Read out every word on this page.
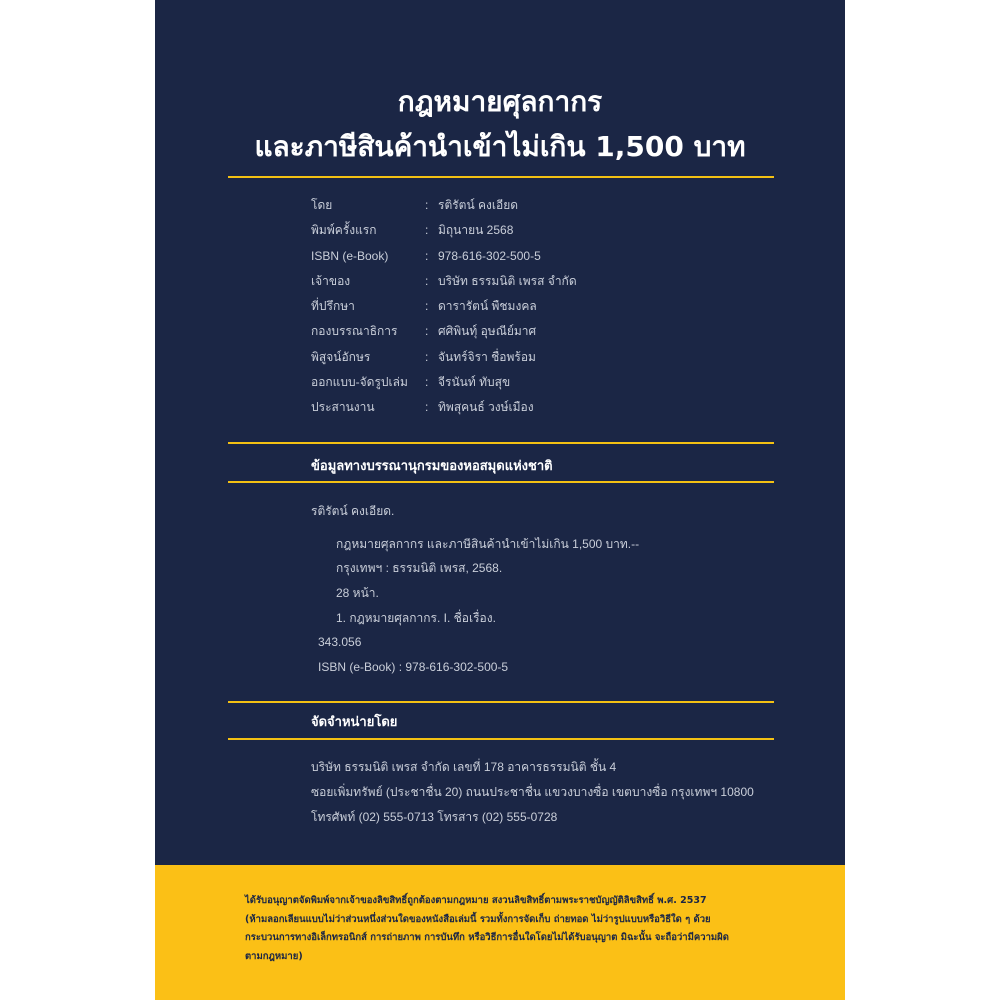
กฎหมายศุลกากร
และภาษีสินค้านำเข้าไม่เกิน 1,500 บาท
โดย	: รติรัตน์ คงเอียด
พิมพ์ครั้งแรก	: มิถุนายน 2568
ISBN (e-Book)	: 978-616-302-500-5
เจ้าของ	: บริษัท ธรรมนิติ เพรส จำกัด
ที่ปรึกษา	: ดารารัตน์ พืชมงคล
กองบรรณาธิการ : ศศิพินทุ์ อุษณีย์มาศ
พิสูจน์อักษร	: จันทร์จิรา ชื่อพร้อม
ออกแบบ-จัดรูปเล่ม : จีรนันท์ ทับสุข
ประสานงาน	: ทิพสุคนธ์ วงษ์เมือง
ข้อมูลทางบรรณานุกรมของหอสมุดแห่งชาติ
รติรัตน์ คงเอียด.
กฎหมายศุลกากร และภาษีสินค้านำเข้าไม่เกิน 1,500 บาท.--
กรุงเทพฯ : ธรรมนิติ เพรส, 2568.
28 หน้า.
1. กฎหมายศุลกากร. I. ชื่อเรื่อง.
343.056
ISBN (e-Book) : 978-616-302-500-5
จัดจำหน่ายโดย
บริษัท ธรรมนิติ เพรส จำกัด เลขที่ 178 อาคารธรรมนิติ ชั้น 4
ซอยเพิ่มทรัพย์ (ประชาชื่น 20) ถนนประชาชื่น แขวงบางซื่อ เขตบางซื่อ กรุงเทพฯ 10800
โทรศัพท์ (02) 555-0713 โทรสาร (02) 555-0728
ได้รับอนุญาตจัดพิมพ์จากเจ้าของลิขสิทธิ์ถูกต้องตามกฎหมาย สงวนลิขสิทธิ์ตามพระราชบัญญัติลิขสิทธิ์ พ.ศ. 2537
(ห้ามลอกเลียนแบบไม่ว่าส่วนหนึ่งส่วนใดของหนังสือเล่มนี้ รวมทั้งการจัดเก็บ ถ่ายทอด ไม่ว่ารูปแบบหรือวิธีใด ๆ ด้วย
กระบวนการทางอิเล็กทรอนิกส์ การถ่ายภาพ การบันทึก หรือวิธีการอื่นใดโดยไม่ได้รับอนุญาต มิฉะนั้น จะถือว่ามีความผิด
ตามกฎหมาย)
